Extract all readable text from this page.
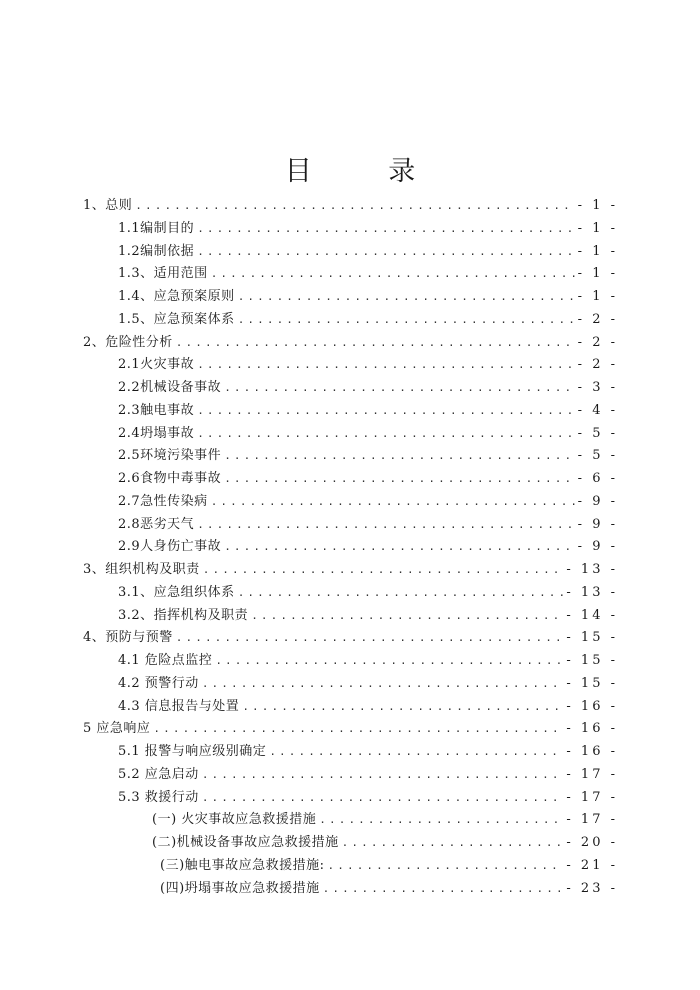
目 录
1、总则 .....	- 1 -
1.1编制目的 .....	- 1 -
1.2编制依据 .....	- 1 -
1.3、适用范围 .....	- 1 -
1.4、应急预案原则 .....	- 1 -
1.5、应急预案体系 .....	- 2 -
2、危险性分析 .....	- 2 -
2.1火灾事故 .....	- 2 -
2.2机械设备事故 .....	- 3 -
2.3触电事故 .....	- 4 -
2.4坍塌事故 .....	- 5 -
2.5环境污染事件 .....	- 5 -
2.6食物中毒事故 .....	- 6 -
2.7急性传染病 .....	- 9 -
2.8恶劣天气 .....	- 9 -
2.9人身伤亡事故 .....	- 9 -
3、组织机构及职责 .....	- 13 -
3.1、应急组织体系 .....	- 13 -
3.2、指挥机构及职责 .....	- 14 -
4、预防与预警 .....	- 15 -
4.1 危险点监控 .....	- 15 -
4.2 预警行动 .....	- 15 -
4.3 信息报告与处置 .....	- 16 -
5 应急响应 .....	- 16 -
5.1 报警与响应级别确定 .....	- 16 -
5.2 应急启动 .....	- 17 -
5.3 救援行动 .....	- 17 -
(一) 火灾事故应急救援措施 .....	- 17 -
(二)机械设备事故应急救援措施 .....	- 20 -
(三)触电事故应急救援措施: .....	- 21 -
(四)坍塌事故应急救援措施 .....	- 23 -
